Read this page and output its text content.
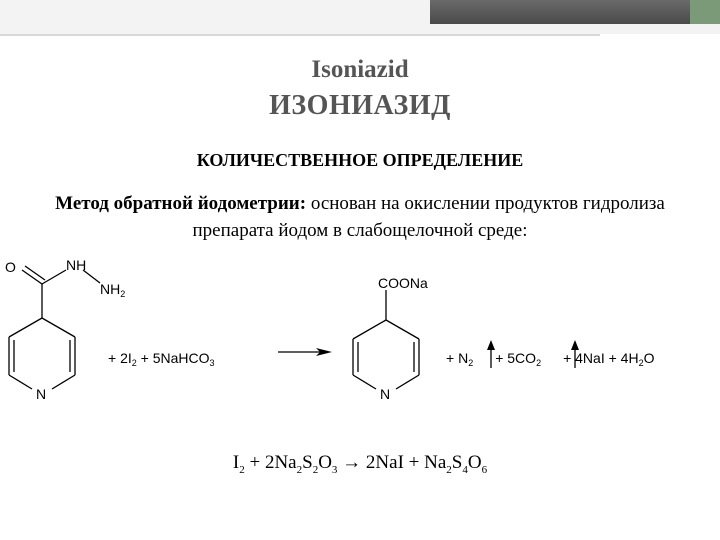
Isoniazid
ИЗОНИАЗИД
КОЛИЧЕСТВЕННОЕ ОПРЕДЕЛЕНИЕ
Метод обратной йодометрии: основан на окислении продуктов гидролиза препарата йодом в слабощелочной среде:
O	NH
$NH_2$
N
+ $2I_2$ + 5NaHCO$_3$
COONa
N
+ $N_2 + 5CO_2 + 4NaI + 4H_2O$
$I_2 + 2Na_2S_2O_3 \to 2NaI + Na_2S_4O_6$
